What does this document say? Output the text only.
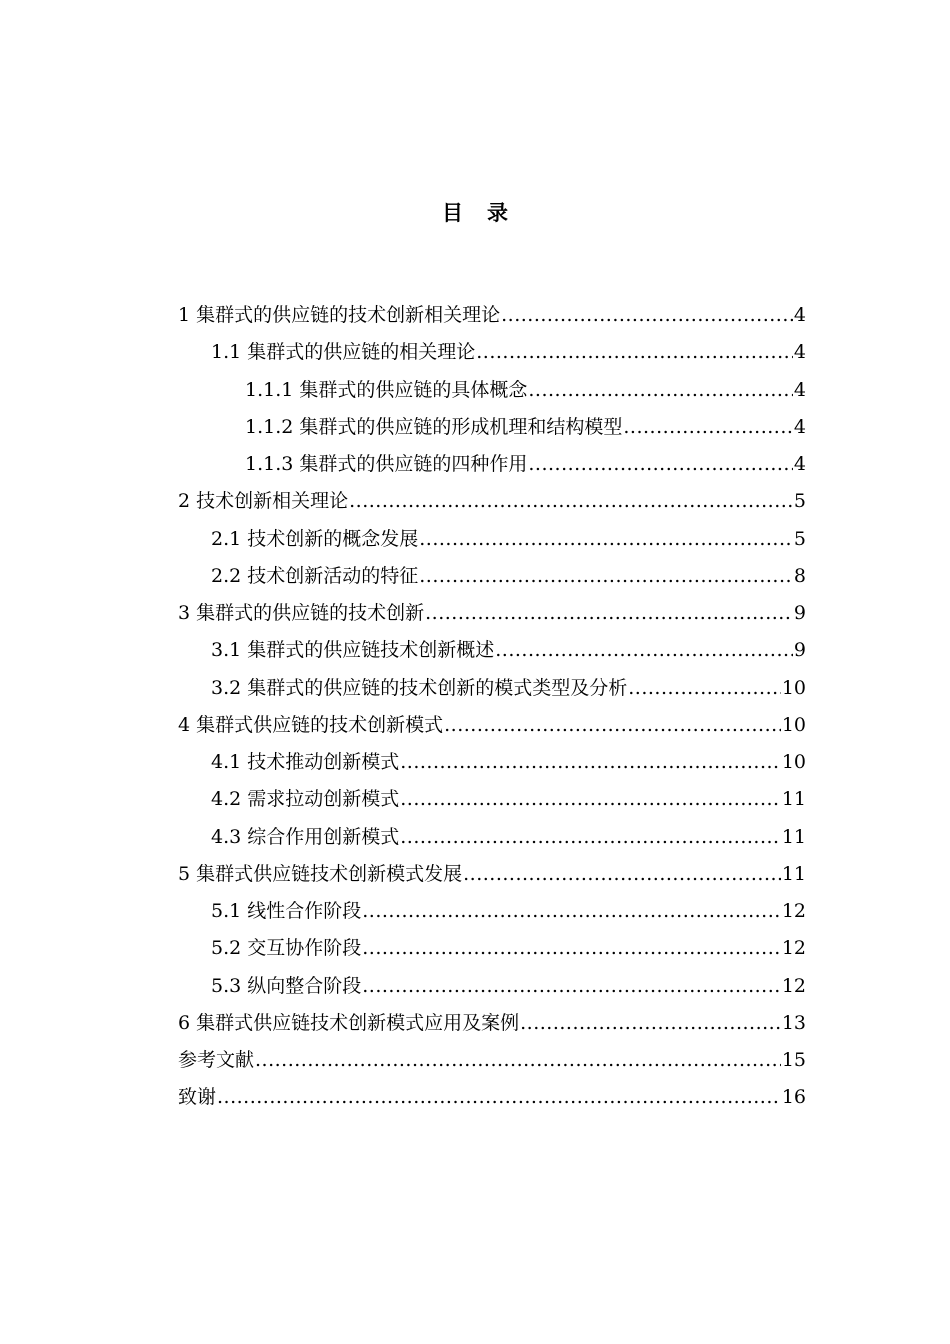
目录
1 集群式的供应链的技术创新相关理论 .....	4
1.1 集群式的供应链的相关理论 .....	4
1.1.1 集群式的供应链的具体概念 .....	4
1.1.2 集群式的供应链的形成机理和结构模型 .....	4
1.1.3 集群式的供应链的四种作用 .....	4
2 技术创新相关理论 .....	5
2.1 技术创新的概念发展 .....	5
2.2 技术创新活动的特征 .....	8
3 集群式的供应链的技术创新 .....	9
3.1 集群式的供应链技术创新概述 .....	9
3.2 集群式的供应链的技术创新的模式类型及分析 .....	10
4 集群式供应链的技术创新模式 .....	10
4.1 技术推动创新模式 .....	10
4.2 需求拉动创新模式 .....	11
4.3 综合作用创新模式 .....	11
5 集群式供应链技术创新模式发展 .....	11
5.1 线性合作阶段 .....	12
5.2 交互协作阶段 .....	12
5.3 纵向整合阶段 .....	12
6 集群式供应链技术创新模式应用及案例 .....	13
参考文献 .....	15
致谢 .....	16
